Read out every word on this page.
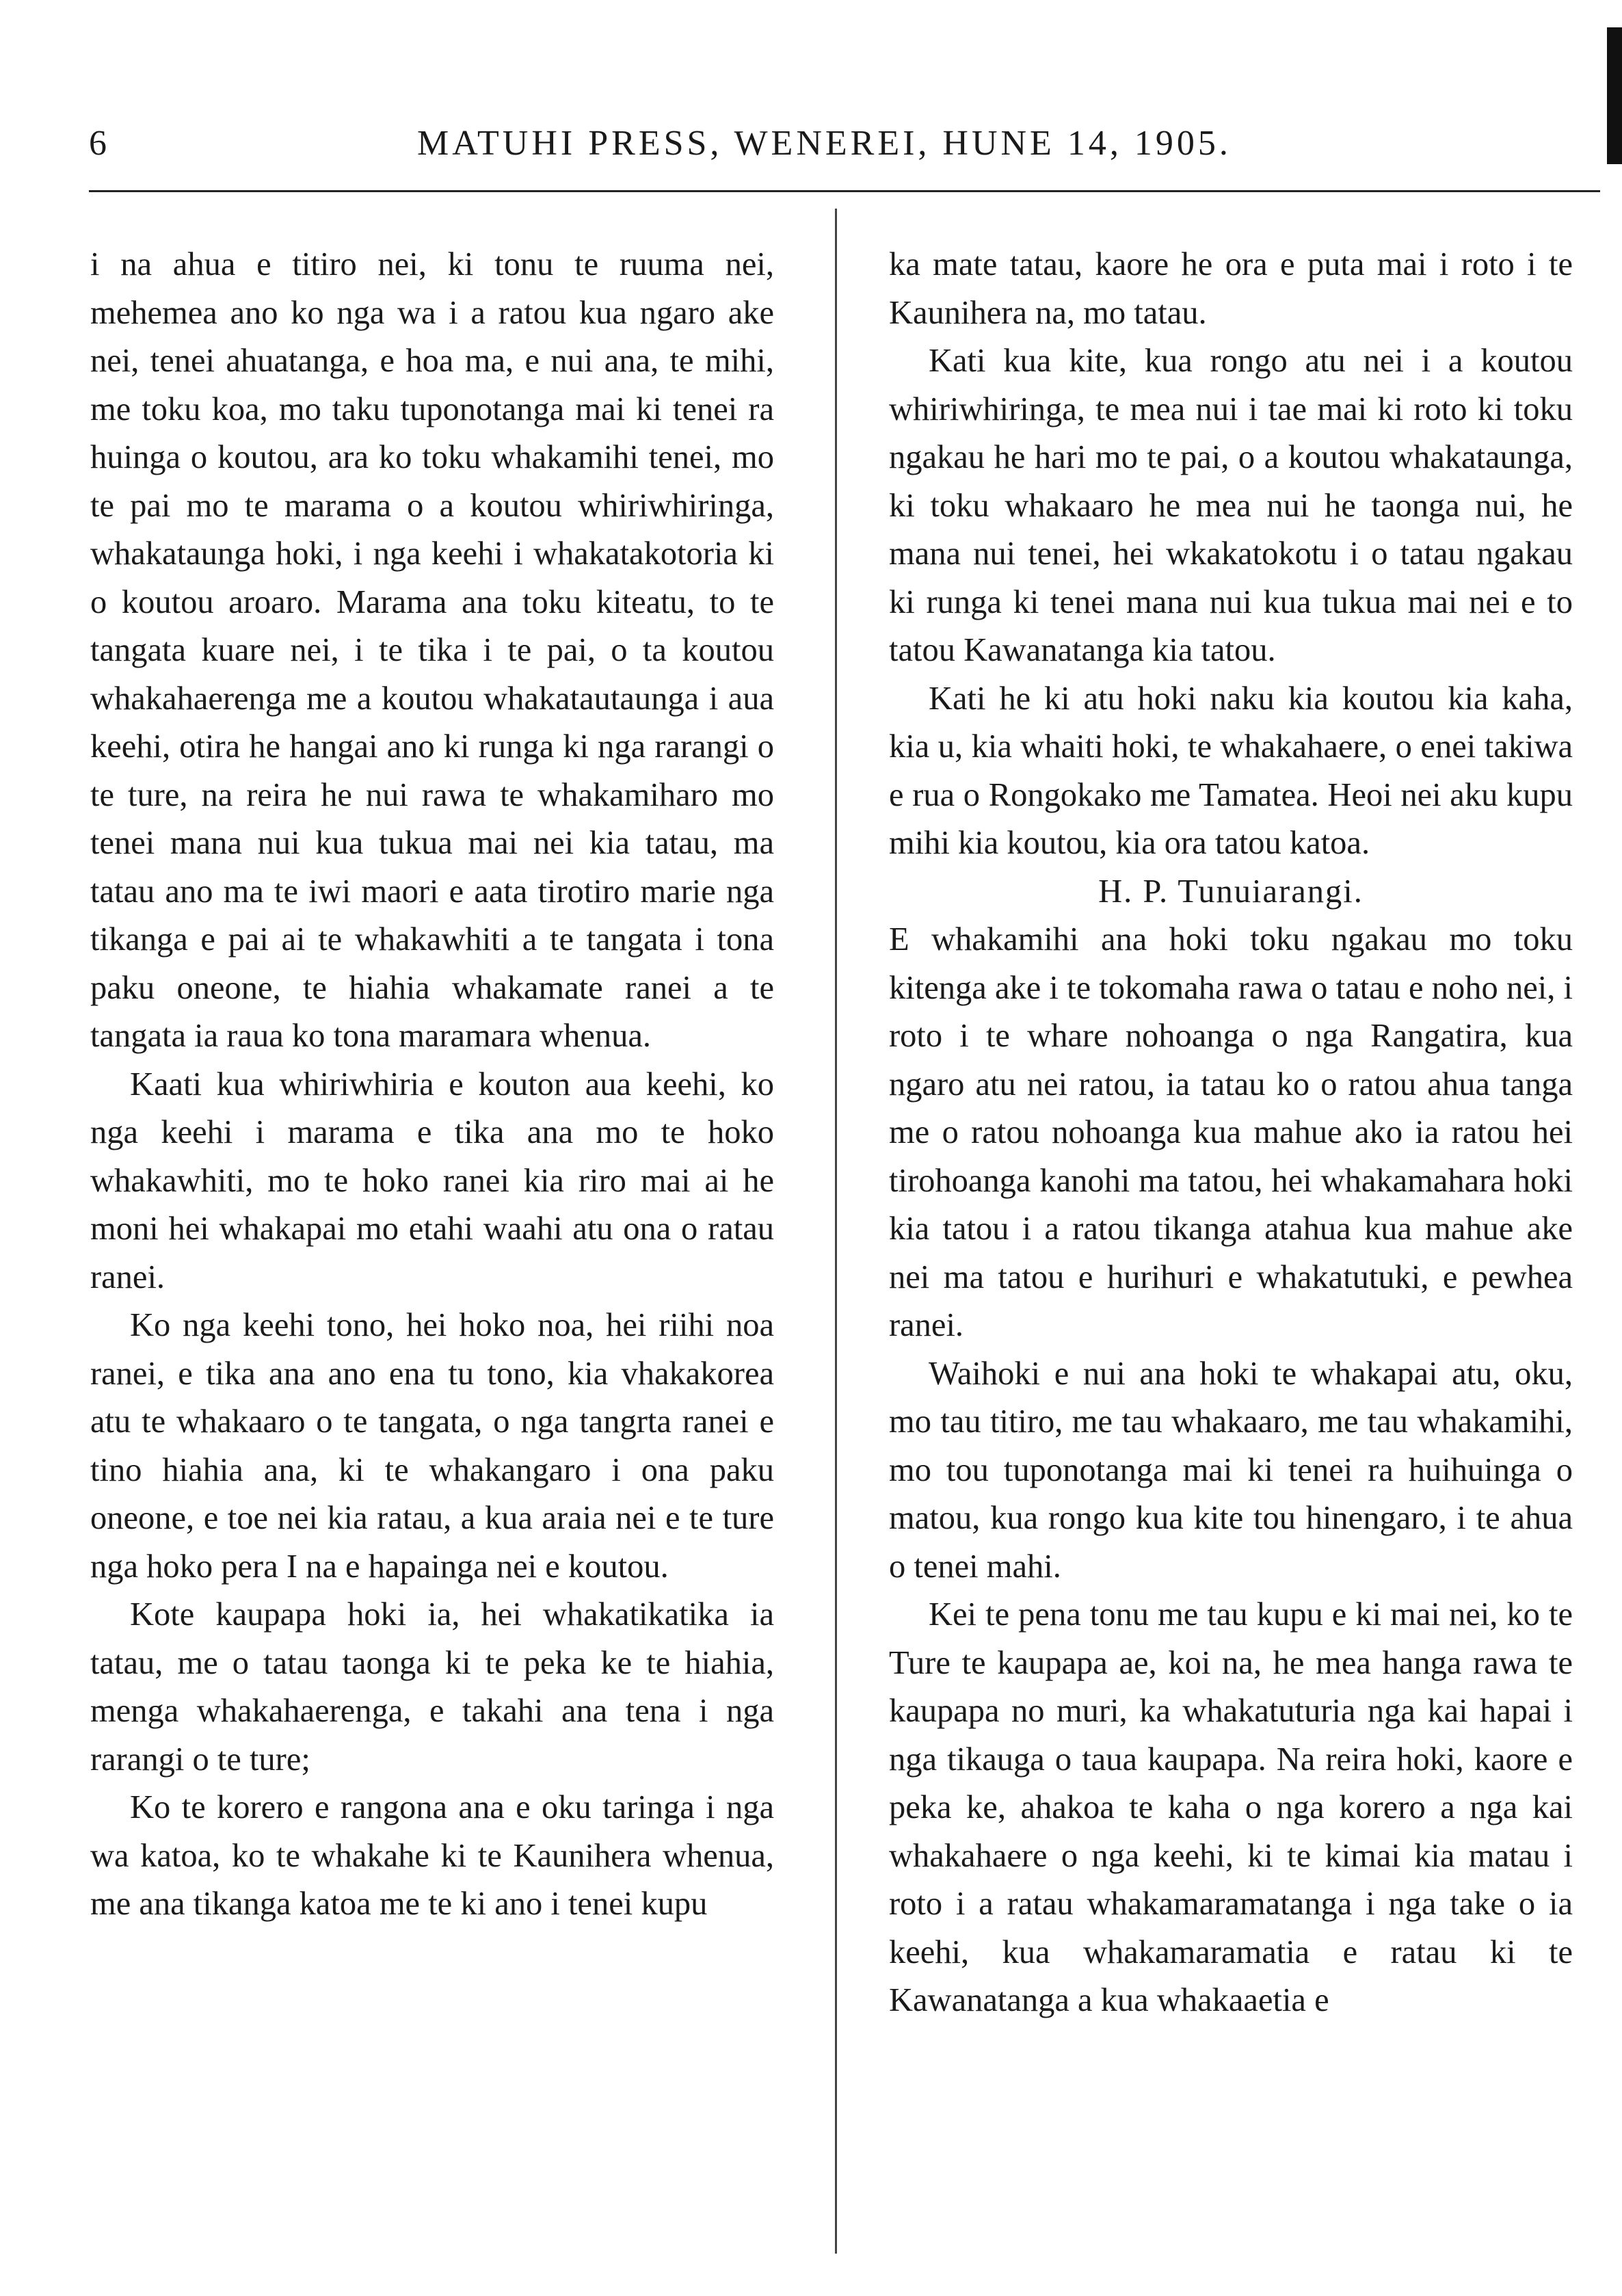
6	MATUHI PRESS, WENEREI, HUNE 14, 1905.

i na ahua e titiro nei, ki tonu te ruuma nei, mehemea ano ko nga wa i a ratou kua ngaro ake nei, tenei ahuatanga, e hoa ma, e nui ana, te mihi, me toku koa, mo taku tuponotanga mai ki tenei ra huinga o koutou, ara ko toku whakamihi tenei, mo te pai mo te marama o a koutou whiriwhiringa, whakataunga hoki, i nga keehi i whakatakotoria ki o koutou aroaro. Marama ana toku kiteatu, to te tangata kuare nei, i te tika i te pai, o ta koutou whakahaerenga me a koutou whakatautaunga i aua keehi, otira he hangai ano ki runga ki nga rarangi o te ture, na reira he nui rawa te whakamiharo mo tenei mana nui kua tukua mai nei kia tatau, ma tatau ano ma te iwi maori e aata tirotiro marie nga tikanga e pai ai te whakawhiti a te tangata i tona paku oneone, te hiahia whakamate ranei a te tangata ia raua ko tona maramara whenua.

Kaati kua whiriwhiria e kouton aua keehi, ko nga keehi i marama e tika ana mo te hoko whakawhiti, mo te hoko ranei kia riro mai ai he moni hei whakapai mo etahi waahi atu ona o ratau ranei.

Ko nga keehi tono, hei hoko noa, hei riihi noa ranei, e tika ana ano ena tu tono, kia vhakakorea atu te whakaaro o te tangata, o nga tangrta ranei e tino hiahia ana, ki te whakangaro i ona paku oneone, e toe nei kia ratau, a kua araia nei e te ture nga hoko pera I na e hapainga nei e koutou.

Kote kaupapa hoki ia, hei whakatikatika ia tatau, me o tatau taonga ki te peka ke te hiahia, menga whakahaerenga, e takahi ana tena i nga rarangi o te ture;

Ko te korero e rangona ana e oku taringa i nga wa katoa, ko te whakahe ki te Kaunihera whenua, me ana tikanga katoa me te ki ano i tenei kupu

ka mate tatau, kaore he ora e puta mai i roto i te Kaunihera na, mo tatau.

Kati kua kite, kua rongo atu nei i a koutou whiriwhiringa, te mea nui i tae mai ki roto ki toku ngakau he hari mo te pai, o a koutou whakataunga, ki toku whakaaro he mea nui he taonga nui, he mana nui tenei, hei wkakatokotu i o tatau ngakau ki runga ki tenei mana nui kua tukua mai nei e to tatou Kawanatanga kia tatou.

Kati he ki atu hoki naku kia koutou kia kaha, kia u, kia whaiti hoki, te whakahaere, o enei takiwa e rua o Rongokako me Tamatea. Heoi nei aku kupu mihi kia koutou, kia ora tatou katoa.

H. P. Tunuiarangi.

E whakamihi ana hoki toku ngakau mo toku kitenga ake i te tokomaha rawa o tatau e noho nei, i roto i te whare nohoanga o nga Rangatira, kua ngaro atu nei ratou, ia tatau ko o ratou ahua tanga me o ratou nohoanga kua mahue ako ia ratou hei tirohoanga kanohi ma tatou, hei whakamahara hoki kia tatou i a ratou tikanga atahua kua mahue ake nei ma tatou e hurihuri e whakatutuki, e pewhea ranei.

Waihoki e nui ana hoki te whakapai atu, oku, mo tau titiro, me tau whakaaro, me tau whakamihi, mo tou tuponotanga mai ki tenei ra huihuinga o matou, kua rongo kua kite tou hinengaro, i te ahua o tenei mahi.

Kei te pena tonu me tau kupu e ki mai nei, ko te Ture te kaupapa ae, koi na, he mea hanga rawa te kaupapa no muri, ka whakatuturia nga kai hapai i nga tikauga o taua kaupapa. Na reira hoki, kaore e peka ke, ahakoa te kaha o nga korero a nga kai whakahaere o nga keehi, ki te kimai kia matau i roto i a ratau whakamaramatanga i nga take o ia keehi, kua whakamaramatia e ratau ki te Kawanatanga a kua whakaaetia e
